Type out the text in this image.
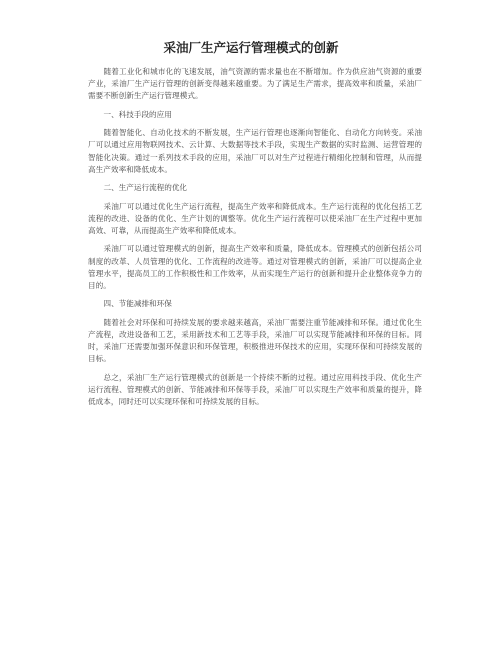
采油厂生产运行管理模式的创新

随着工业化和城市化的飞速发展，油气资源的需求量也在不断增加。作为供应油气资源的重要产业，采油厂生产运行管理的创新变得越来越重要。为了满足生产需求，提高效率和质量，采油厂需要不断创新生产运行管理模式。

一、科技手段的应用

随着智能化、自动化技术的不断发展，生产运行管理也逐渐向智能化、自动化方向转变。采油厂可以通过应用物联网技术、云计算、大数据等技术手段，实现生产数据的实时监测、运营管理的智能化决策。通过一系列技术手段的应用，采油厂可以对生产过程进行精细化控制和管理，从而提高生产效率和降低成本。

二、生产运行流程的优化

采油厂可以通过优化生产运行流程，提高生产效率和降低成本。生产运行流程的优化包括工艺流程的改进、设备的优化、生产计划的调整等。优化生产运行流程可以使采油厂在生产过程中更加高效、可靠，从而提高生产效率和降低成本。

采油厂可以通过管理模式的创新，提高生产效率和质量，降低成本。管理模式的创新包括公司制度的改革、人员管理的优化、工作流程的改进等。通过对管理模式的创新，采油厂可以提高企业管理水平，提高员工的工作积极性和工作效率，从而实现生产运行的创新和提升企业整体竞争力的目的。

四、节能减排和环保

随着社会对环保和可持续发展的要求越来越高，采油厂需要注重节能减排和环保。通过优化生产流程，改进设备和工艺，采用新技术和工艺等手段，采油厂可以实现节能减排和环保的目标。同时，采油厂还需要加强环保意识和环保管理，积极推进环保技术的应用，实现环保和可持续发展的目标。

总之，采油厂生产运行管理模式的创新是一个持续不断的过程。通过应用科技手段、优化生产运行流程、管理模式的创新、节能减排和环保等手段，采油厂可以实现生产效率和质量的提升，降低成本，同时还可以实现环保和可持续发展的目标。
